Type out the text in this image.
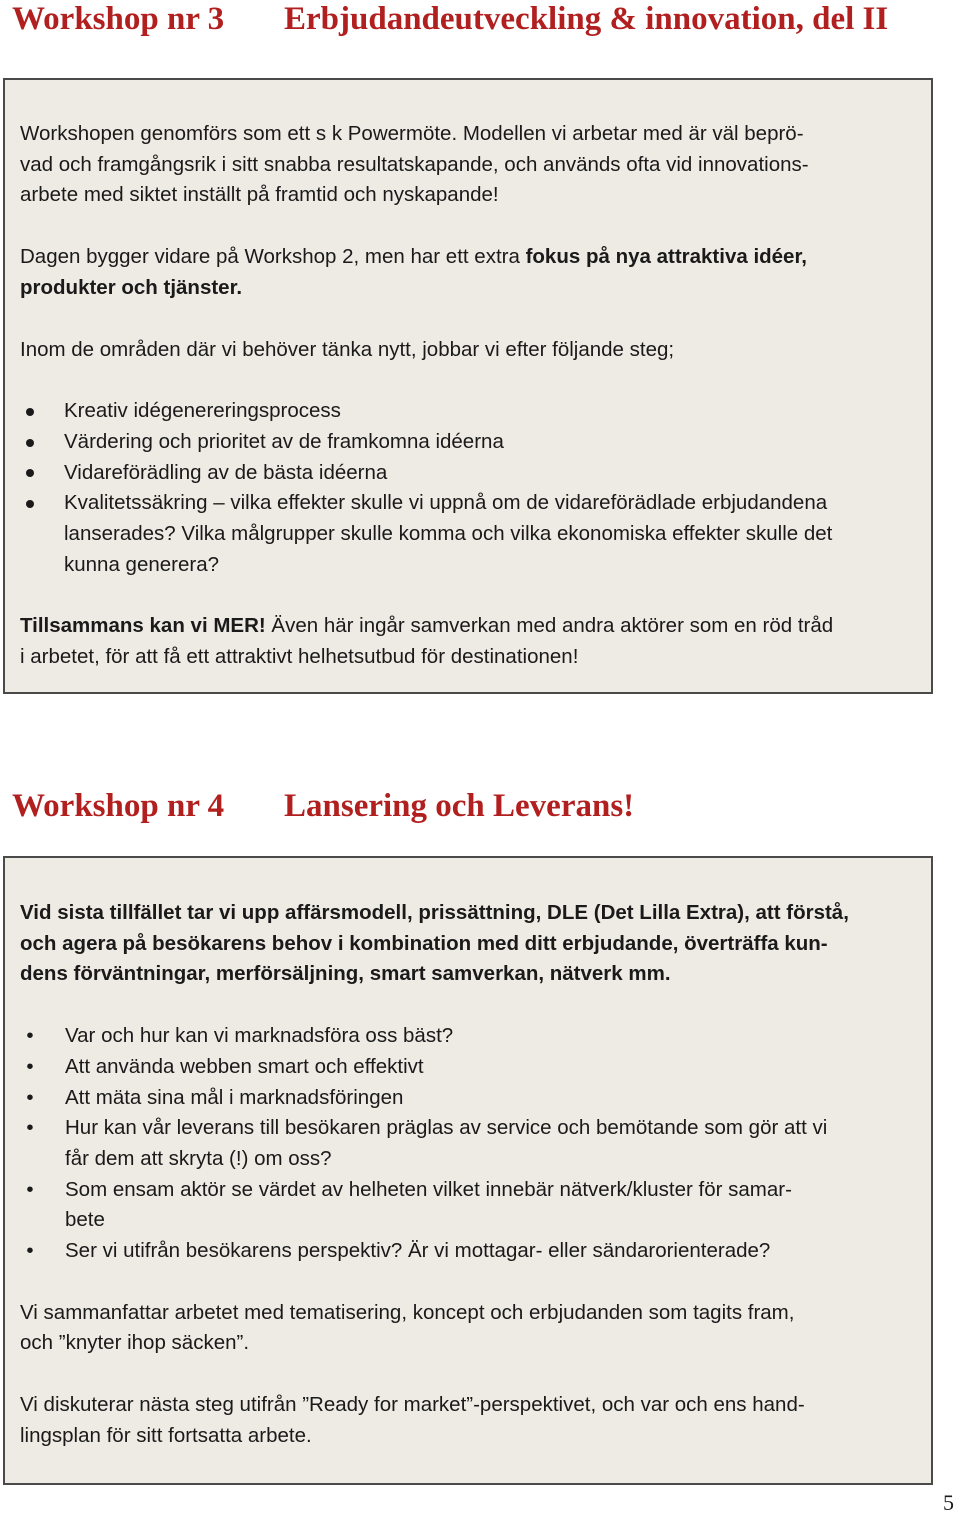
Workshop nr 3 Erbjudandeutveckling & innovation, del II

Workshopen genomförs som ett s k Powermöte. Modellen vi arbetar med är väl beprö-
vad och framgångsrik i sitt snabba resultatskapande, och används ofta vid innovations-
arbete med siktet inställt på framtid och nyskapande!

Dagen bygger vidare på Workshop 2, men har ett extra fokus på nya attraktiva idéer,
produkter och tjänster.

Inom de områden där vi behöver tänka nytt, jobbar vi efter följande steg;

Kreativ idégenereringsprocess
Värdering och prioritet av de framkomna idéerna
Vidareförädling av de bästa idéerna
Kvalitetssäkring – vilka effekter skulle vi uppnå om de vidareförädlade erbjudandena
lanserades? Vilka målgrupper skulle komma och vilka ekonomiska effekter skulle det
kunna generera?

Tillsammans kan vi MER! Även här ingår samverkan med andra aktörer som en röd tråd
i arbetet, för att få ett attraktivt helhetsutbud för destinationen!

Workshop nr 4 Lansering och Leverans!

Vid sista tillfället tar vi upp affärsmodell, prissättning, DLE (Det Lilla Extra), att förstå,
och agera på besökarens behov i kombination med ditt erbjudande, överträffa kun-
dens förväntningar, merförsäljning, smart samverkan, nätverk mm.

•	Var och hur kan vi marknadsföra oss bäst?
•	Att använda webben smart och effektivt
•	Att mäta sina mål i marknadsföringen
•	Hur kan vår leverans till besökaren präglas av service och bemötande som gör att vi
får dem att skryta (!) om oss?
•	Som ensam aktör se värdet av helheten vilket innebär nätverk/kluster för samar-
bete
•	Ser vi utifrån besökarens perspektiv? Är vi mottagar- eller sändarorienterade?

Vi sammanfattar arbetet med tematisering, koncept och erbjudanden som tagits fram,
och ”knyter ihop säcken”.

Vi diskuterar nästa steg utifrån ”Ready for market”-perspektivet, och var och ens hand-
lingsplan för sitt fortsatta arbete.

5
